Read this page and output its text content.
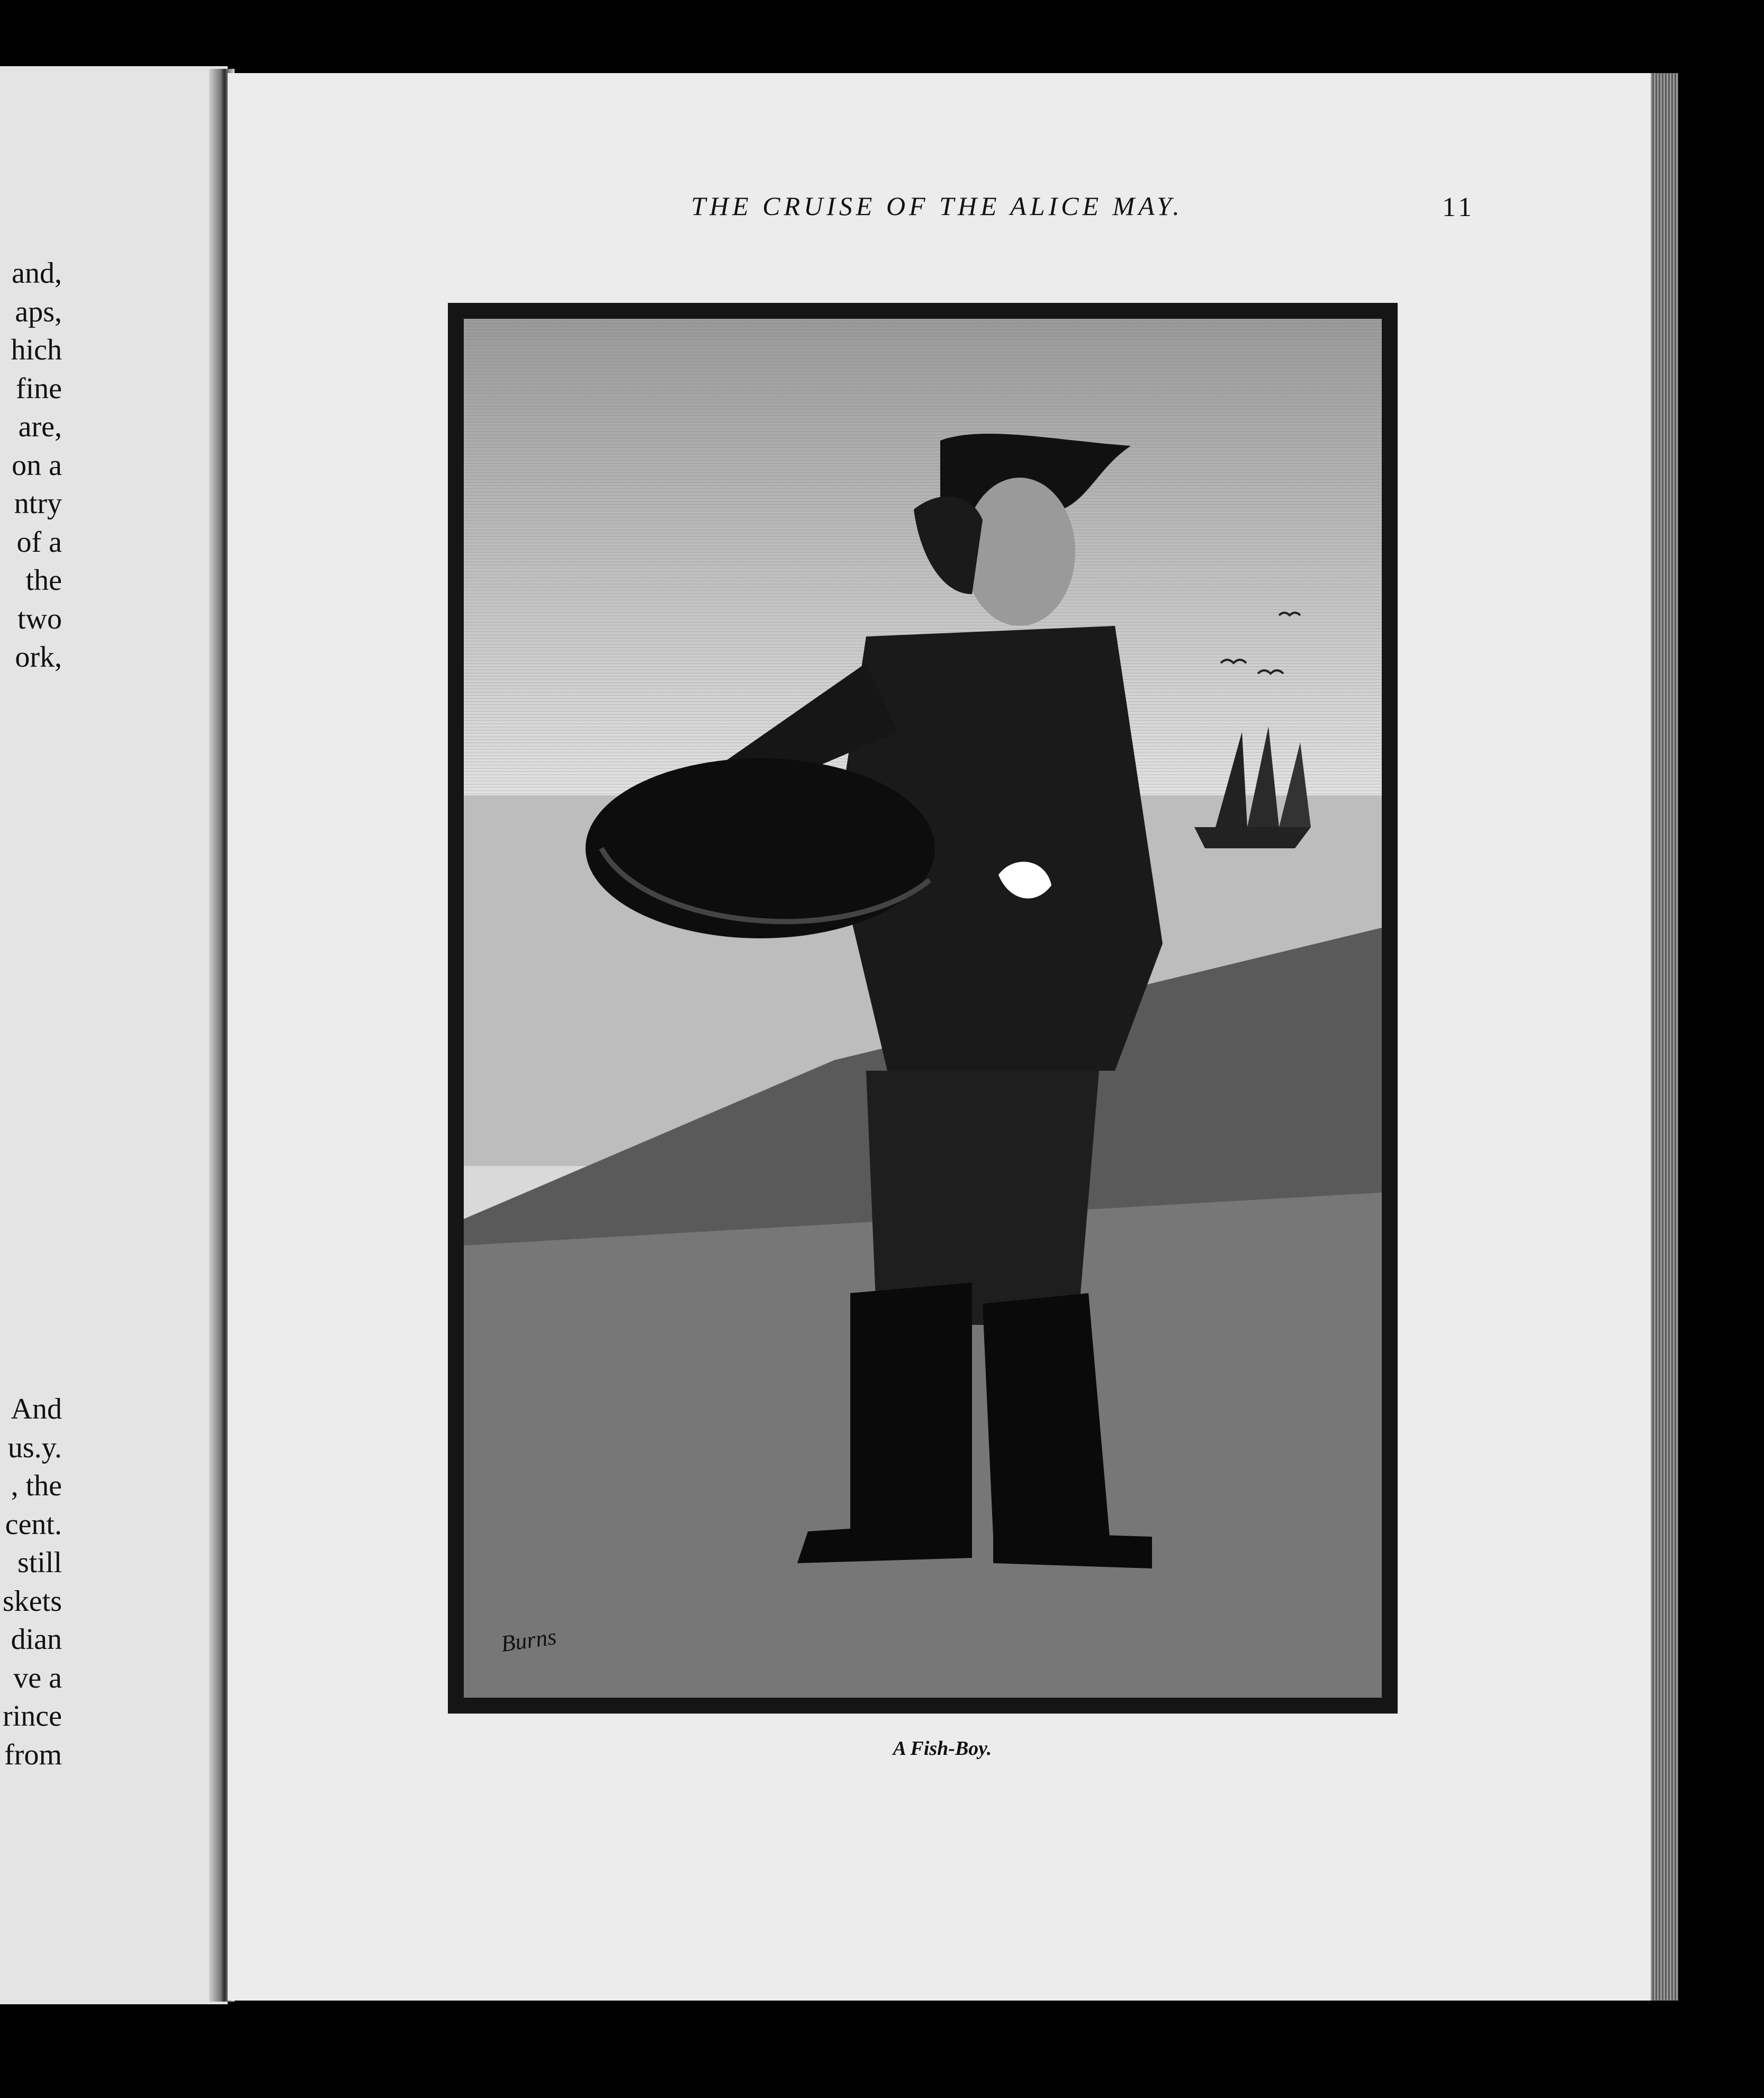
and,
aps,
hich
fine
are,
on a
ntry
of a
the
two
ork,
And
us.y.
, the
cent.
still
skets
dian
ve a
rince
from
THE CRUISE OF THE ALICE MAY.	11
Burns
A Fish-Boy.
